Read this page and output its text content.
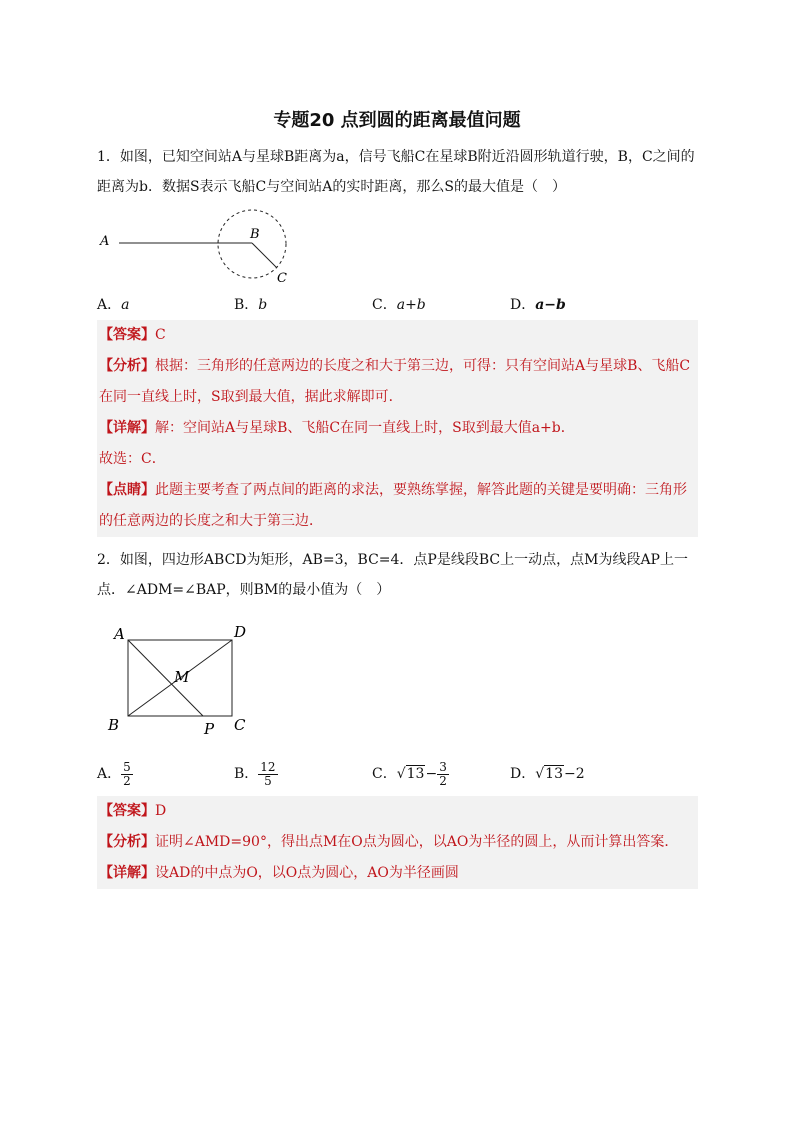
专题20 点到圆的距离最值问题
1．如图，已知空间站A与星球B距离为a，信号飞船C在星球B附近沿圆形轨道行驶，B，C之间的距离为b．数据S表示飞船C与空间站A的实时距离，那么S的最大值是（　）
A	B
C
A．a	B．b	C．a+b	D．a−b
【答案】C
【分析】根据：三角形的任意两边的长度之和大于第三边，可得：只有空间站A与星球B、飞船C在同一直线上时，S取到最大值，据此求解即可．
【详解】解：空间站A与星球B、飞船C在同一直线上时，S取到最大值a+b．
故选：C．
【点睛】此题主要考查了两点间的距离的求法，要熟练掌握，解答此题的关键是要明确：三角形的任意两边的长度之和大于第三边．
2．如图，四边形ABCD为矩形，AB=3，BC=4．点P是线段BC上一动点，点M为线段AP上一点．∠ADM=∠BAP，则BM的最小值为（　）
A	D
M
B	P C
A． $\frac{5}{2}$	B． $\frac{12}{5}$	C．$√13- \frac{3}{2}$	D．√13−2
【答案】D
【分析】证明∠AMD=90°，得出点M在O点为圆心，以AO为半径的圆上，从而计算出答案．
【详解】设AD的中点为O，以O点为圆心，AO为半径画圆
